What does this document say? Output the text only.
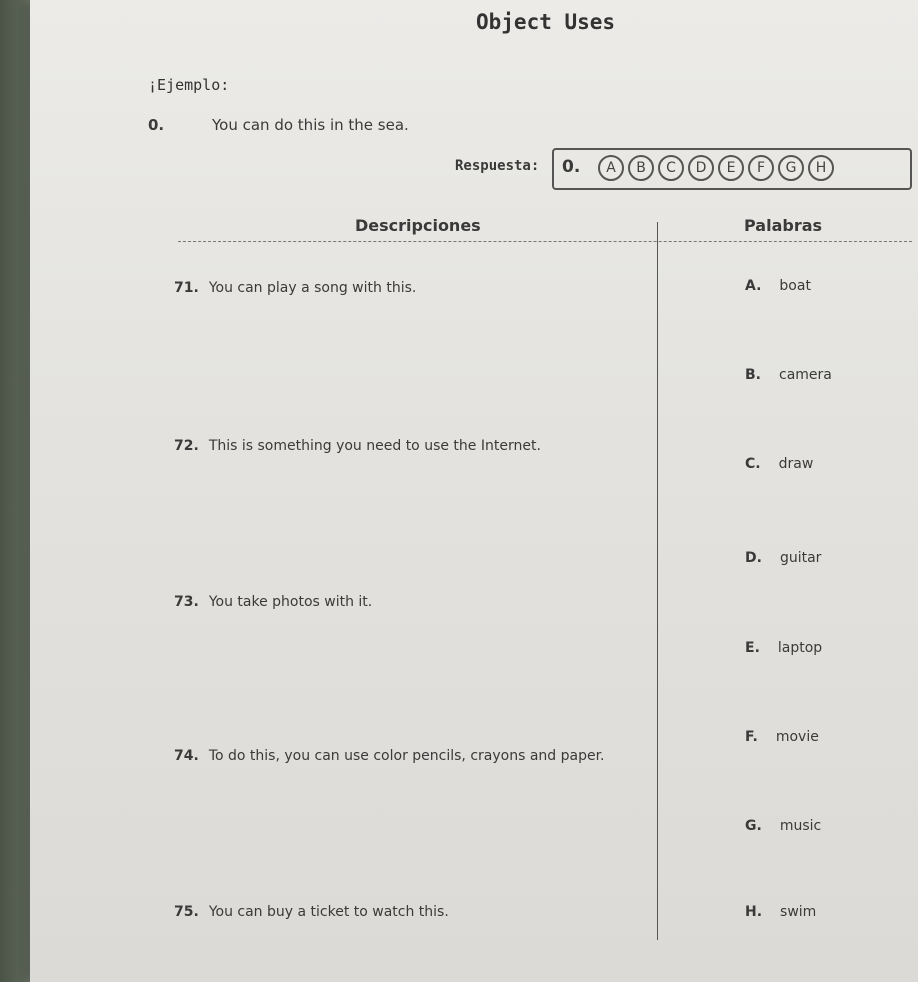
Object Uses
¡Ejemplo:
0.	You can do this in the sea.
Respuesta: 0.	A	B	C	D	E	F	G	H
Descripciones	Palabras
71. You can play a song with this.
72. This is something you need to use the Internet.
73. You take photos with it.
74. To do this, you can use color pencils, crayons and paper.
75. You can buy a ticket to watch this.
A. boat
B. camera
C. draw
D. guitar
E. laptop
F. movie
G. music
H. swim
